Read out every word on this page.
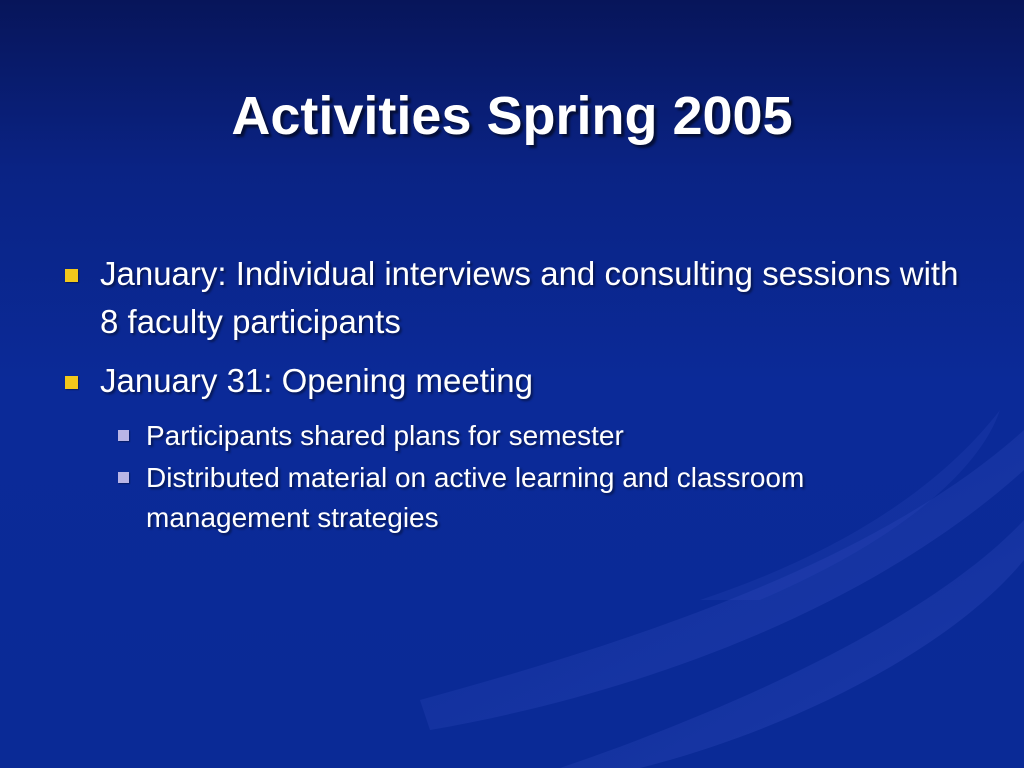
Activities Spring 2005
January: Individual interviews and consulting sessions with 8 faculty participants
January 31: Opening meeting
Participants shared plans for semester
Distributed material on active learning and classroom management strategies
